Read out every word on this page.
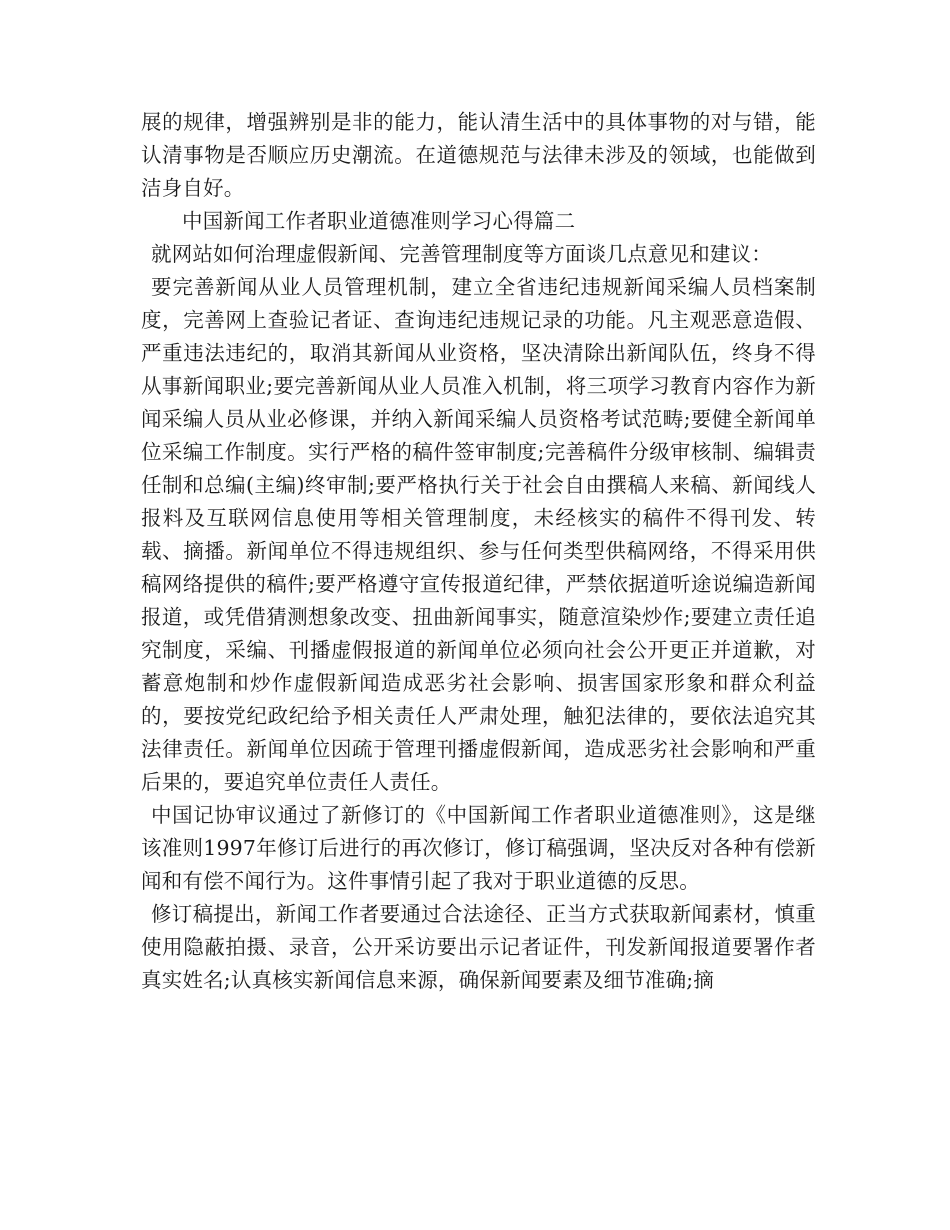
展的规律，增强辨别是非的能力，能认清生活中的具体事物的对与错，能认清事物是否顺应历史潮流。在道德规范与法律未涉及的领域，也能做到洁身自好。

中国新闻工作者职业道德准则学习心得篇二

就网站如何治理虚假新闻、完善管理制度等方面谈几点意见和建议：

要完善新闻从业人员管理机制，建立全省违纪违规新闻采编人员档案制度，完善网上查验记者证、查询违纪违规记录的功能。凡主观恶意造假、严重违法违纪的，取消其新闻从业资格，坚决清除出新闻队伍，终身不得从事新闻职业;要完善新闻从业人员准入机制，将三项学习教育内容作为新闻采编人员从业必修课，并纳入新闻采编人员资格考试范畴;要健全新闻单位采编工作制度。实行严格的稿件签审制度;完善稿件分级审核制、编辑责任制和总编(主编)终审制;要严格执行关于社会自由撰稿人来稿、新闻线人报料及互联网信息使用等相关管理制度，未经核实的稿件不得刊发、转载、摘播。新闻单位不得违规组织、参与任何类型供稿网络，不得采用供稿网络提供的稿件;要严格遵守宣传报道纪律，严禁依据道听途说编造新闻报道，或凭借猜测想象改变、扭曲新闻事实，随意渲染炒作;要建立责任追究制度，采编、刊播虚假报道的新闻单位必须向社会公开更正并道歉，对蓄意炮制和炒作虚假新闻造成恶劣社会影响、损害国家形象和群众利益的，要按党纪政纪给予相关责任人严肃处理，触犯法律的，要依法追究其法律责任。新闻单位因疏于管理刊播虚假新闻，造成恶劣社会影响和严重后果的，要追究单位责任人责任。

中国记协审议通过了新修订的《中国新闻工作者职业道德准则》，这是继该准则1997年修订后进行的再次修订，修订稿强调，坚决反对各种有偿新闻和有偿不闻行为。这件事情引起了我对于职业道德的反思。

修订稿提出，新闻工作者要通过合法途径、正当方式获取新闻素材，慎重使用隐蔽拍摄、录音，公开采访要出示记者证件，刊发新闻报道要署作者真实姓名;认真核实新闻信息来源，确保新闻要素及细节准确;摘
